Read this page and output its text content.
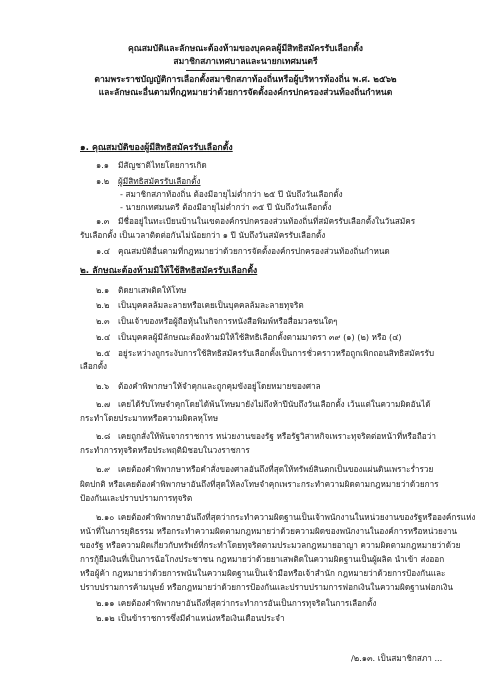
คุณสมบัติและลักษณะต้องห้ามของบุคคลผู้มีสิทธิสมัครรับเลือกตั้ง
สมาชิกสภาเทศบาลและนายกเทศมนตรี
ตามพระราชบัญญัติการเลือกตั้งสมาชิกสภาท้องถิ่นหรือผู้บริหารท้องถิ่น พ.ศ. ๒๕๖๒
และลักษณะอื่นตามที่กฎหมายว่าด้วยการจัดตั้งองค์กรปกครองส่วนท้องถิ่นกำหนด
๑. คุณสมบัติของผู้มีสิทธิสมัครรับเลือกตั้ง
๑.๑ มีสัญชาติไทยโดยการเกิด
๑.๒ ผู้มีสิทธิสมัครรับเลือกตั้ง
- สมาชิกสภาท้องถิ่น ต้องมีอายุไม่ต่ำกว่า ๒๕ ปี นับถึงวันเลือกตั้ง
- นายกเทศมนตรี ต้องมีอายุไม่ต่ำกว่า ๓๕ ปี นับถึงวันเลือกตั้ง
๑.๓ มีชื่ออยู่ในทะเบียนบ้านในเขตองค์กรปกครองส่วนท้องถิ่นที่สมัครรับเลือกตั้งในวันสมัคร
รับเลือกตั้ง เป็นเวลาติดต่อกันไม่น้อยกว่า ๑ ปี นับถึงวันสมัครรับเลือกตั้ง
๑.๔ คุณสมบัติอื่นตามที่กฎหมายว่าด้วยการจัดตั้งองค์กรปกครองส่วนท้องถิ่นกำหนด
๒. ลักษณะต้องห้ามมิให้ใช้สิทธิสมัครรับเลือกตั้ง
๒.๑ ติดยาเสพติดให้โทษ
๒.๒ เป็นบุคคลล้มละลายหรือเคยเป็นบุคคลล้มละลายทุจริต
๒.๓ เป็นเจ้าของหรือผู้ถือหุ้นในกิจการหนังสือพิมพ์หรือสื่อมวลชนใดๆ
๒.๔ เป็นบุคคลผู้มีลักษณะต้องห้ามมิให้ใช้สิทธิเลือกตั้งตามมาตรา ๓๙ (๑) (๒) หรือ (๔)
๒.๕ อยู่ระหว่างถูกระงับการใช้สิทธิสมัครรับเลือกตั้งเป็นการชั่วคราวหรือถูกเพิกถอนสิทธิสมัครรับ
เลือกตั้ง
๒.๖ ต้องคำพิพากษาให้จำคุกและถูกคุมขังอยู่โดยหมายของศาล
๒.๗ เคยได้รับโทษจำคุกโดยได้พ้นโทษมายังไม่ถึงห้าปีนับถึงวันเลือกตั้ง เว้นแต่ในความผิดอันได้
กระทำโดยประมาทหรือความผิดลหุโทษ
๒.๘ เคยถูกสั่งให้พ้นจากราชการ หน่วยงานของรัฐ หรือรัฐวิสาหกิจเพราะทุจริตต่อหน้าที่หรือถือว่า
กระทำการทุจริตหรือประพฤติมิชอบในวงราชการ
๒.๙ เคยต้องคำพิพากษาหรือคำสั่งของศาลอันถึงที่สุดให้ทรัพย์สินตกเป็นของแผ่นดินเพราะร่ำรวย
ผิดปกติ หรือเคยต้องคำพิพากษาอันถึงที่สุดให้ลงโทษจำคุกเพราะกระทำความผิดตามกฎหมายว่าด้วยการ
ป้องกันและปราบปรามการทุจริต
๒.๑๐ เคยต้องคำพิพากษาอันถึงที่สุดว่ากระทำความผิดฐานเป็นเจ้าพนักงานในหน่วยงานของรัฐหรือองค์กรแห่ง
หน้าที่ในการยุติธรรม หรือกระทำความผิดตามกฎหมายว่าด้วยความผิดของพนักงานในองค์การหรือหน่วยงาน
ของรัฐ หรือความผิดเกี่ยวกับทรัพย์ที่กระทำโดยทุจริตตามประมวลกฎหมายอาญา ความผิดตามกฎหมายว่าด้วย
การกู้ยืมเงินที่เป็นการฉ้อโกงประชาชน กฎหมายว่าด้วยยาเสพติดในความผิดฐานเป็นผู้ผลิต นำเข้า ส่งออก
หรือผู้ค้า กฎหมายว่าด้วยการพนันในความผิดฐานเป็นเจ้ามือหรือเจ้าสำนัก กฎหมายว่าด้วยการป้องกันและ
ปราบปรามการค้ามนุษย์ หรือกฎหมายว่าด้วยการป้องกันและปราบปรามการฟอกเงินในความผิดฐานฟอกเงิน
๒.๑๑ เคยต้องคำพิพากษาอันถึงที่สุดว่ากระทำการอันเป็นการทุจริตในการเลือกตั้ง
๒.๑๒ เป็นข้าราชการซึ่งมีตำแหน่งหรือเงินเดือนประจำ
/๒.๑๓. เป็นสมาชิกสภา ...
